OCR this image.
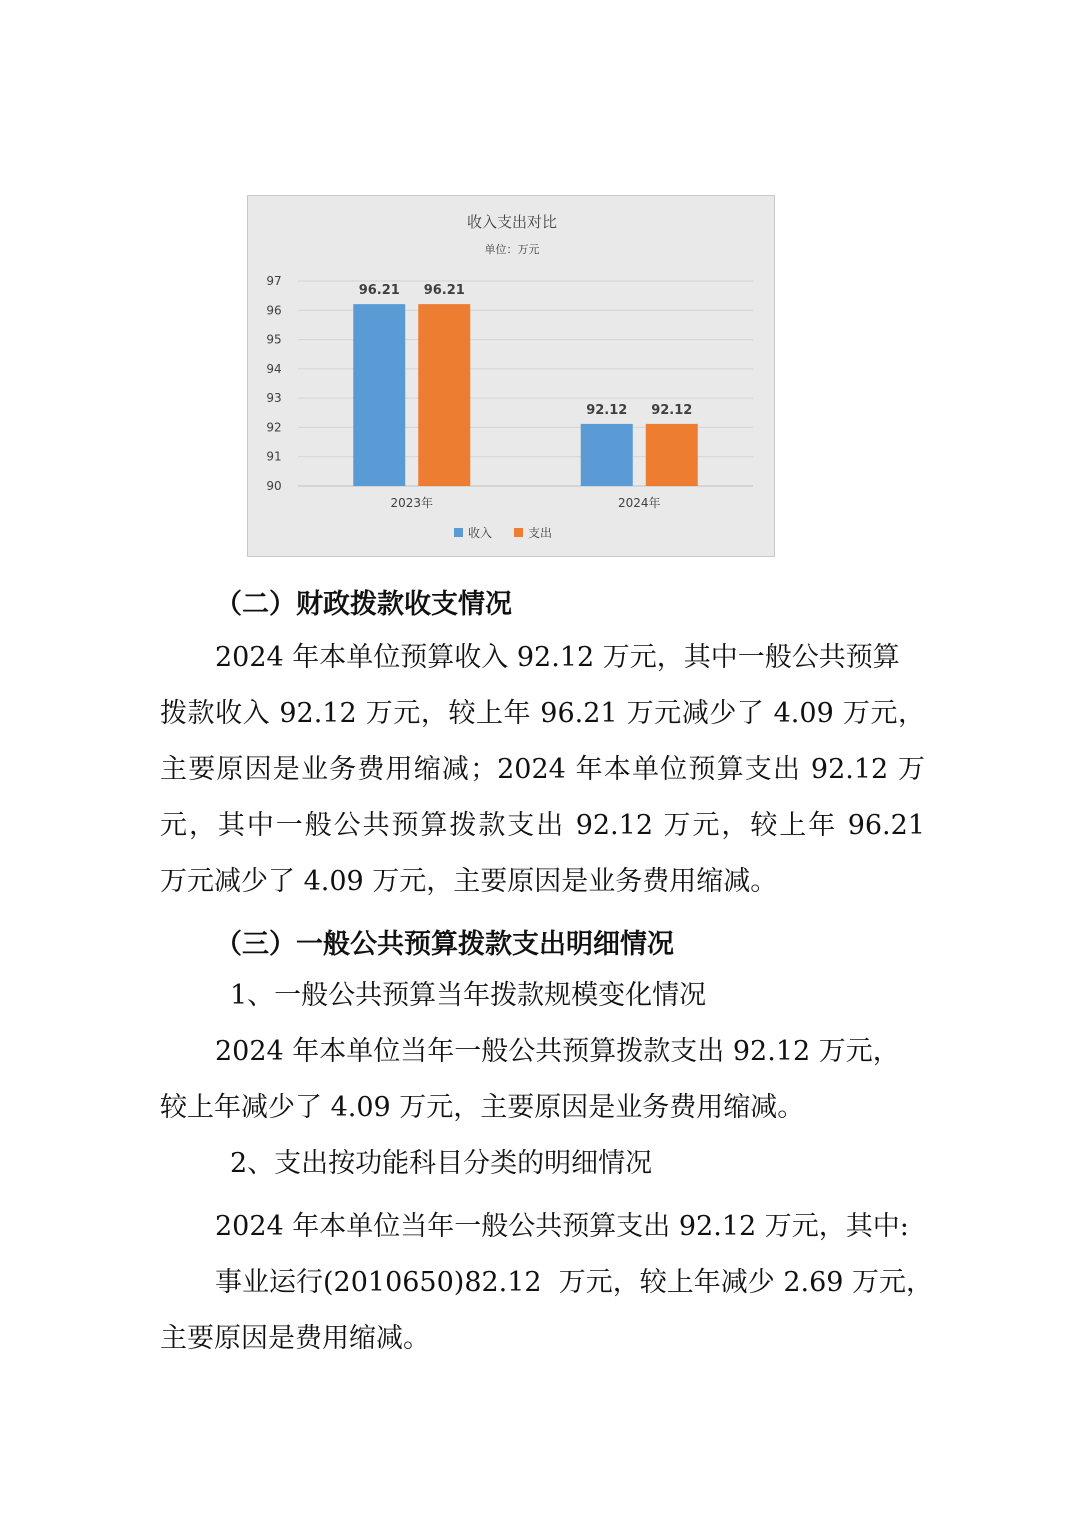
收入支出对比
单位：万元
90
91
92
93
94
95
96
97
96.21 96.21
2023年
92.12 92.12
2024年
收入	支出
（二）财政拨款收支情况
2024 年本单位预算收入 92.12 万元，其中一般公共预算
拨款收入 92.12 万元，较上年 96.21 万元减少了 4.09 万元，
主要原因是业务费用缩减；2024 年本单位预算支出 92.12 万
元，其中一般公共预算拨款支出 92.12 万元，较上年 96.21
万元减少了 4.09 万元，主要原因是业务费用缩减。
（三）一般公共预算拨款支出明细情况
1、一般公共预算当年拨款规模变化情况
2024 年本单位当年一般公共预算拨款支出 92.12 万元，
较上年减少了 4.09 万元，主要原因是业务费用缩减。
2、支出按功能科目分类的明细情况
2024 年本单位当年一般公共预算支出 92.12 万元，其中:
事业运行(2010650)82.12  万元，较上年减少 2.69 万元，
主要原因是费用缩减。
